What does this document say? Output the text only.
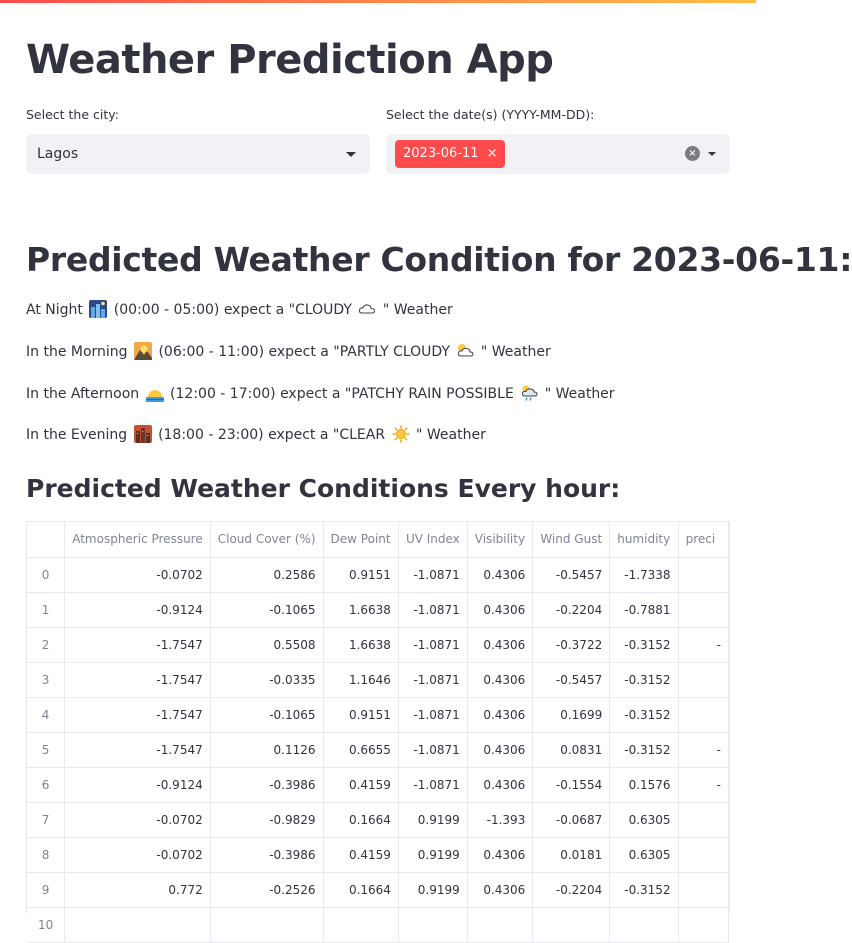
Weather Prediction App
Select the city:
Lagos
Select the date(s) (YYYY-MM-DD):
2023-06-11 ×	×
Predicted Weather Condition for 2023-06-11:
At Night (00:00 - 05:00) expect a "CLOUDY " Weather
In the Morning (06:00 - 11:00) expect a "PARTLY CLOUDY " Weather
In the Afternoon (12:00 - 17:00) expect a "PATCHY RAIN POSSIBLE " Weather
In the Evening (18:00 - 23:00) expect a "CLEAR " Weather
Predicted Weather Conditions Every hour:
	Atmospheric Pressure	Cloud Cover (%)	Dew Point	UV Index	Visibility	Wind Gust	humidity	preci
0	-0.0702	0.2586	0.9151	-1.0871	0.4306	-0.5457	-1.7338	
1	-0.9124	-0.1065	1.6638	-1.0871	0.4306	-0.2204	-0.7881	
2	-1.7547	0.5508	1.6638	-1.0871	0.4306	-0.3722	-0.3152	-
3	-1.7547	-0.0335	1.1646	-1.0871	0.4306	-0.5457	-0.3152	
4	-1.7547	-0.1065	0.9151	-1.0871	0.4306	0.1699	-0.3152	
5	-1.7547	0.1126	0.6655	-1.0871	0.4306	0.0831	-0.3152	-
6	-0.9124	-0.3986	0.4159	-1.0871	0.4306	-0.1554	0.1576	-
7	-0.0702	-0.9829	0.1664	0.9199	-1.393	-0.0687	0.6305	
8	-0.0702	-0.3986	0.4159	0.9199	0.4306	0.0181	0.6305	
9	0.772	-0.2526	0.1664	0.9199	0.4306	-0.2204	-0.3152	
10								
